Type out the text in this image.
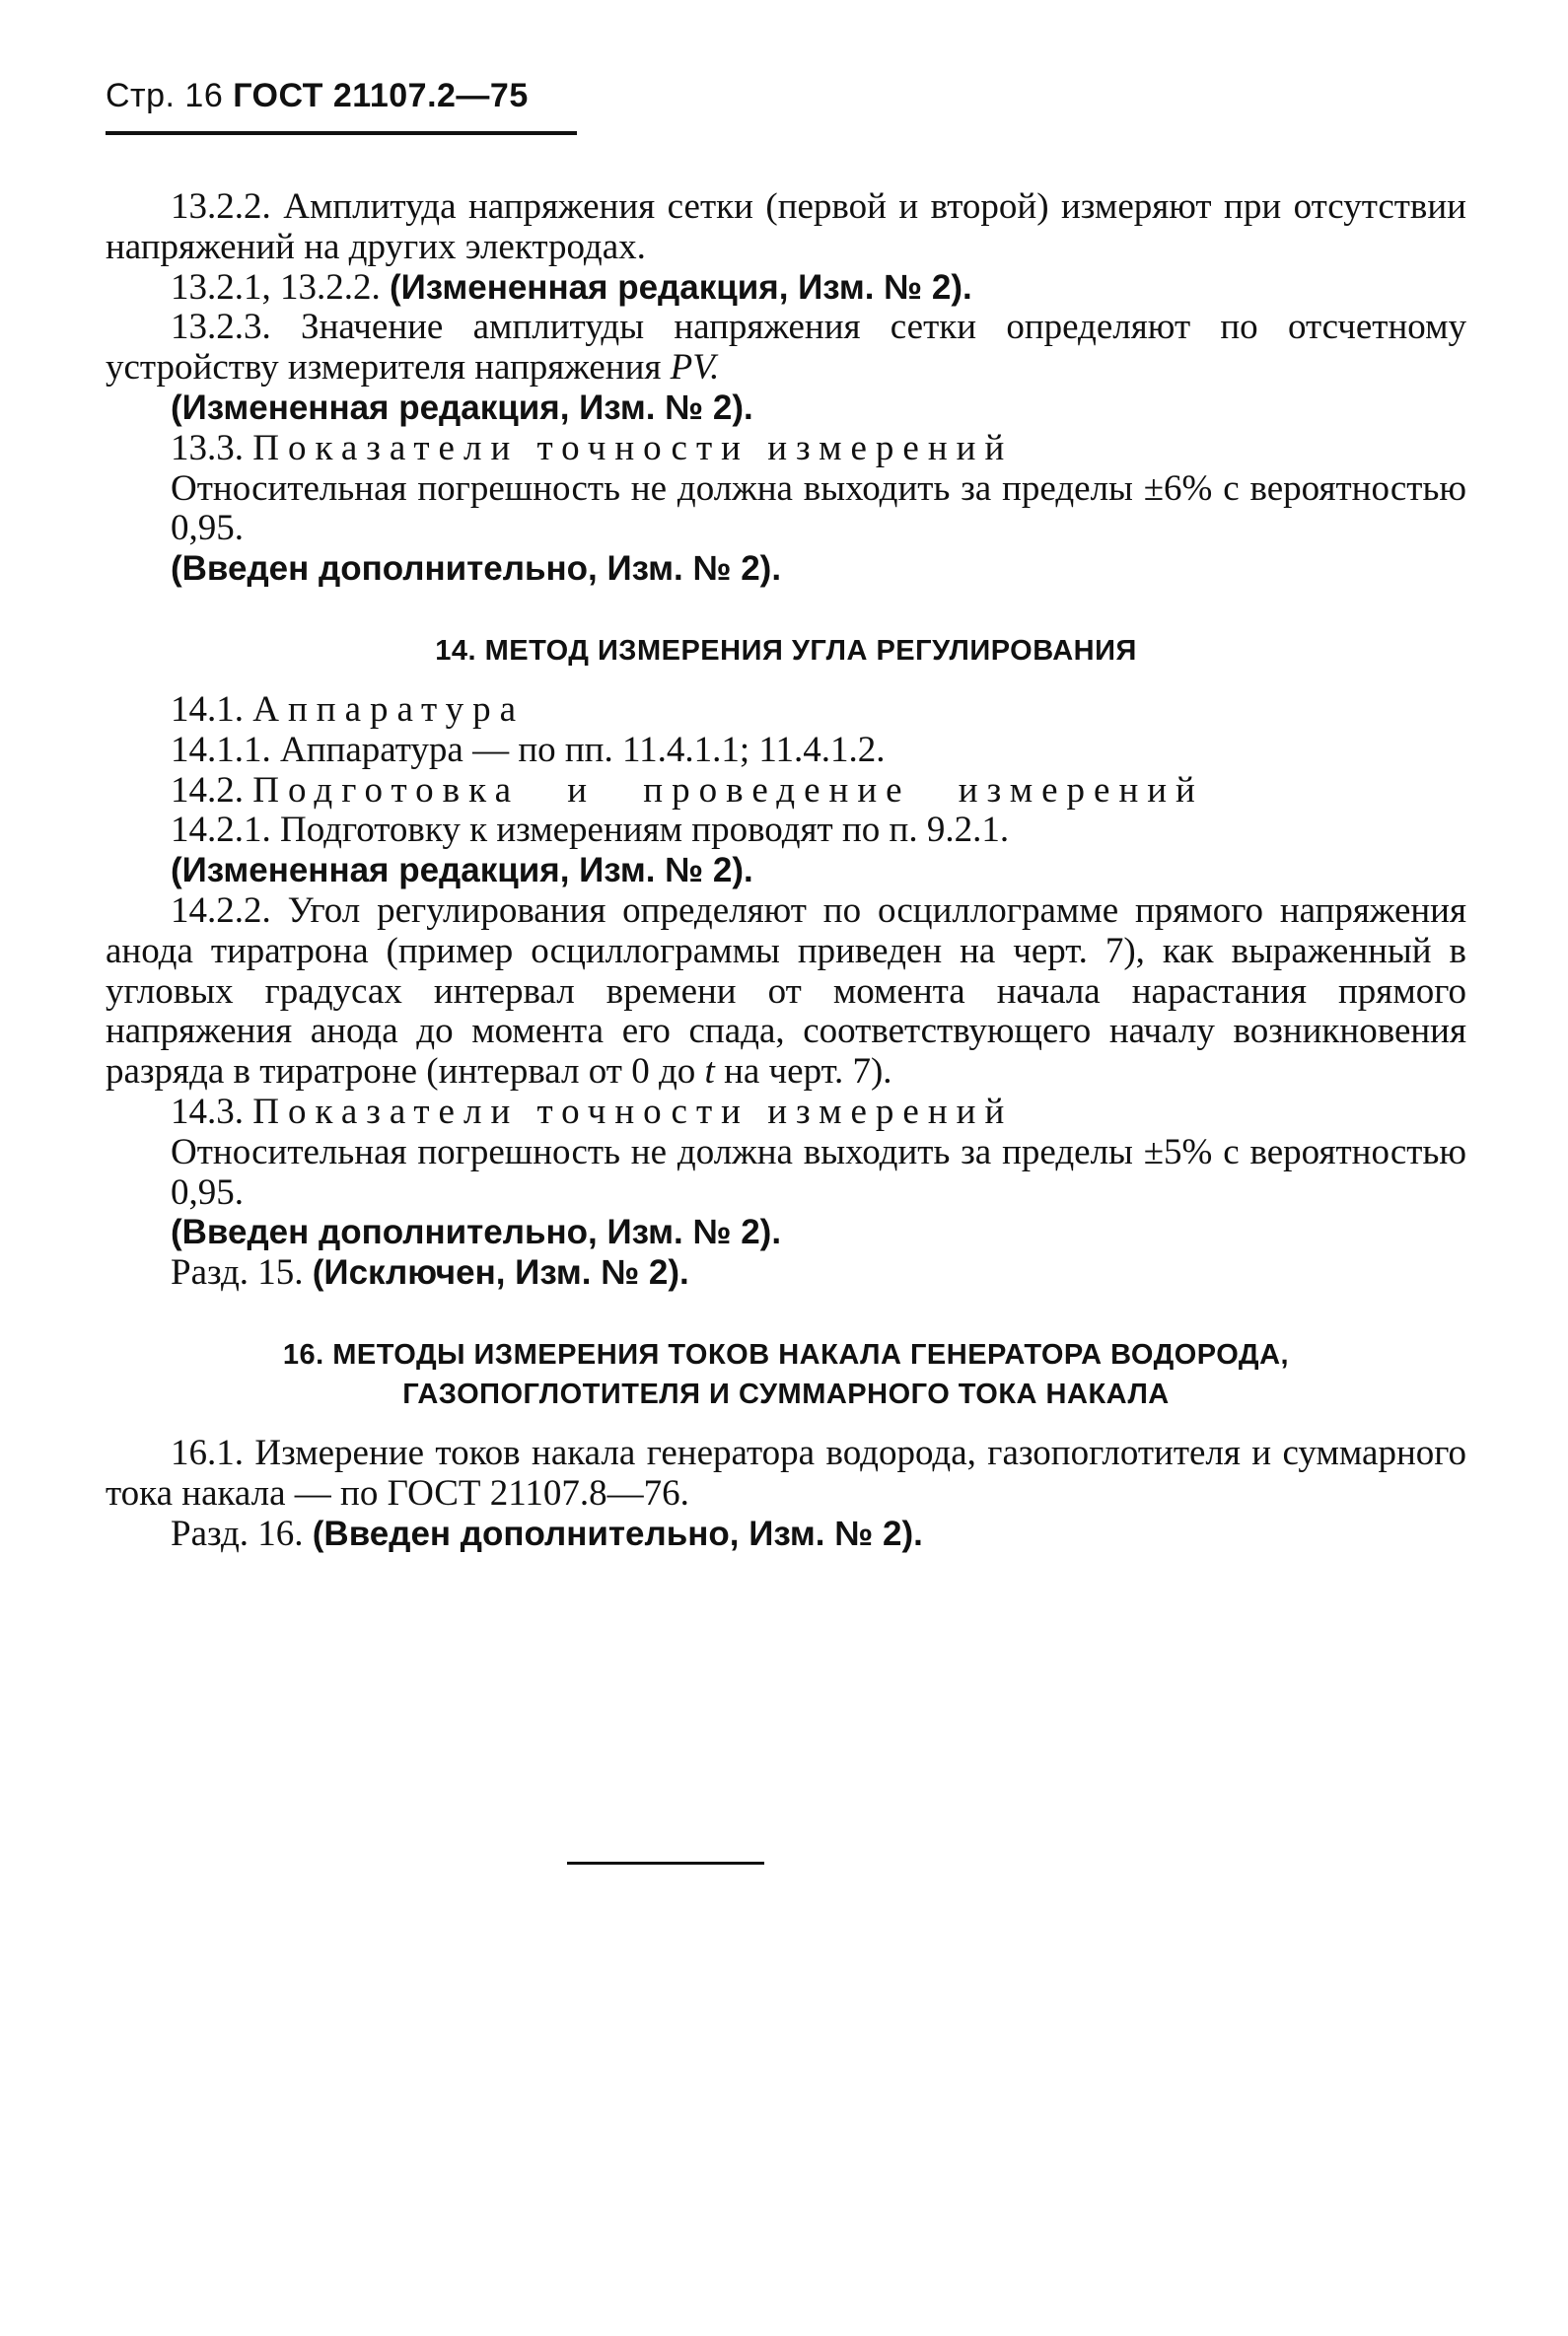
Стр. 16 ГОСТ 21107.2—75

13.2.2. Амплитуда напряжения сетки (первой и второй) измеряют при отсутствии напряжений на других электродах.

13.2.1, 13.2.2. (Измененная редакция, Изм. № 2).

13.2.3. Значение амплитуды напряжения сетки определяют по отсчетному устройству измерителя напряжения PV.

(Измененная редакция, Изм. № 2).

13.3. Показатели точности измерений

Относительная погрешность не должна выходить за пределы ±6% с вероятностью 0,95.

(Введен дополнительно, Изм. № 2).

14. МЕТОД ИЗМЕРЕНИЯ УГЛА РЕГУЛИРОВАНИЯ

14.1. Аппаратура

14.1.1. Аппаратура — по пп. 11.4.1.1; 11.4.1.2.

14.2. Подготовка и проведение измерений

14.2.1. Подготовку к измерениям проводят по п. 9.2.1.

(Измененная редакция, Изм. № 2).

14.2.2. Угол регулирования определяют по осциллограмме прямого напряжения анода тиратрона (пример осциллограммы приведен на черт. 7), как выраженный в угловых градусах интервал времени от момента начала нарастания прямого напряжения анода до момента его спада, соответствующего началу возникновения разряда в тиратроне (интервал от 0 до t на черт. 7).

14.3. Показатели точности измерений

Относительная погрешность не должна выходить за пределы ±5% с вероятностью 0,95.

(Введен дополнительно, Изм. № 2).

Разд. 15. (Исключен, Изм. № 2).

16. МЕТОДЫ ИЗМЕРЕНИЯ ТОКОВ НАКАЛА ГЕНЕРАТОРА ВОДОРОДА,
ГАЗОПОГЛОТИТЕЛЯ И СУММАРНОГО ТОКА НАКАЛА

16.1. Измерение токов накала генератора водорода, газопоглотителя и суммарного тока накала — по ГОСТ 21107.8—76.

Разд. 16. (Введен дополнительно, Изм. № 2).
